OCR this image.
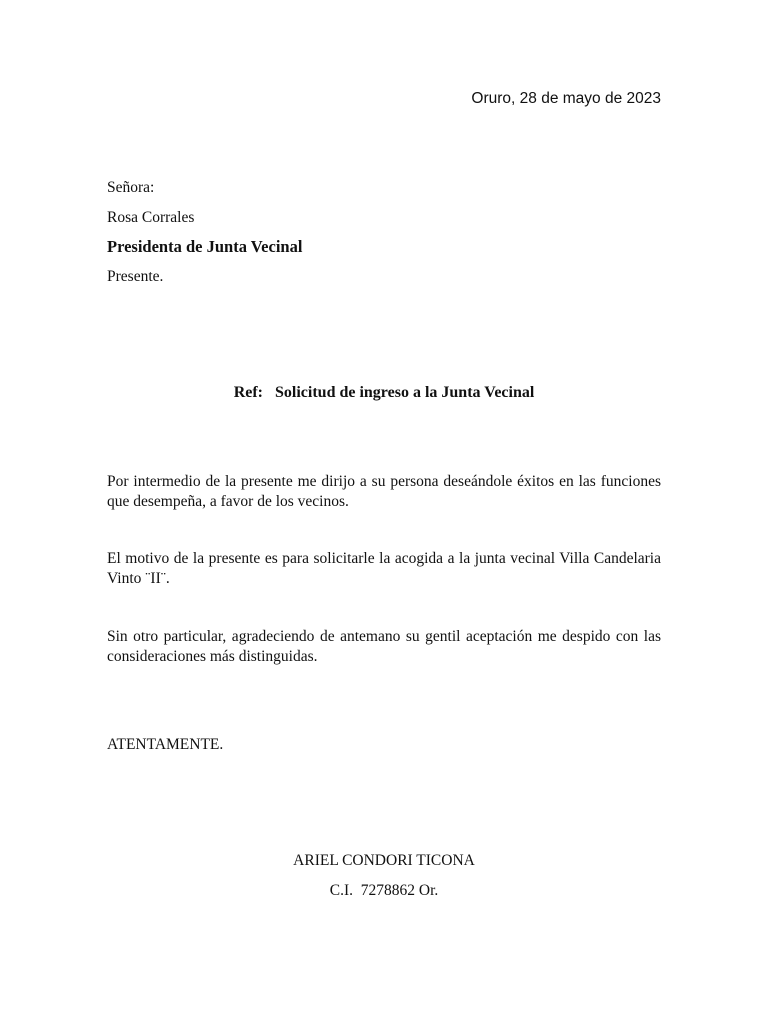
Oruro, 28 de mayo de 2023
Señora:
Rosa Corrales
Presidenta de Junta Vecinal
Presente.
Ref:   Solicitud de ingreso a la Junta Vecinal

Por intermedio de la presente me dirijo a su persona deseándole éxitos en las funciones que desempeña, a favor de los vecinos.

El motivo de la presente es para solicitarle la acogida a la junta vecinal Villa Candelaria Vinto ¨II¨.

Sin otro particular, agradeciendo de antemano su gentil aceptación me despido con las consideraciones más distinguidas.

ATENTAMENTE.
ARIEL CONDORI TICONA
C.I.  7278862 Or.
